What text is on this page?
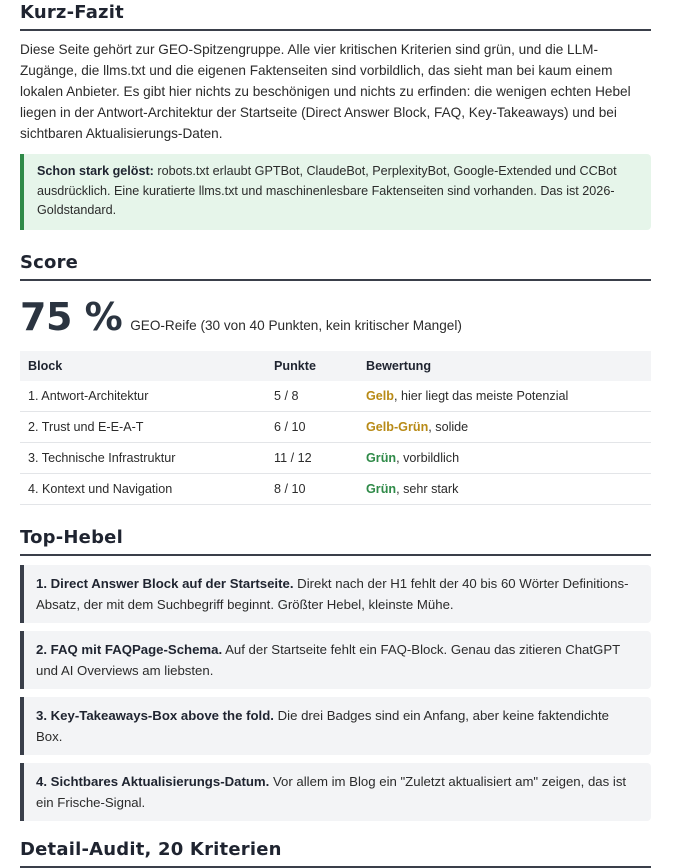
Kurz-Fazit

Diese Seite gehört zur GEO-Spitzengruppe. Alle vier kritischen Kriterien sind grün, und die LLM-Zugänge, die llms.txt und die eigenen Faktenseiten sind vorbildlich, das sieht man bei kaum einem lokalen Anbieter. Es gibt hier nichts zu beschönigen und nichts zu erfinden: die wenigen echten Hebel liegen in der Antwort-Architektur der Startseite (Direct Answer Block, FAQ, Key-Takeaways) und bei sichtbaren Aktualisierungs-Daten.

Schon stark gelöst: robots.txt erlaubt GPTBot, ClaudeBot, PerplexityBot, Google-Extended und CCBot ausdrücklich. Eine kuratierte llms.txt und maschinenlesbare Faktenseiten sind vorhanden. Das ist 2026-Goldstandard.
Score
75 % GEO-Reife (30 von 40 Punkten, kein kritischer Mangel)
Block	Punkte	Bewertung
1. Antwort-Architektur	5 / 8	Gelb, hier liegt das meiste Potenzial
2. Trust und E-E-A-T	6 / 10	Gelb-Grün, solide
3. Technische Infrastruktur	11 / 12	Grün, vorbildlich
4. Kontext und Navigation	8 / 10	Grün, sehr stark
Top-Hebel
1. Direct Answer Block auf der Startseite. Direkt nach der H1 fehlt der 40 bis 60 Wörter Definitions-Absatz, der mit dem Suchbegriff beginnt. Größter Hebel, kleinste Mühe.
2. FAQ mit FAQPage-Schema. Auf der Startseite fehlt ein FAQ-Block. Genau das zitieren ChatGPT und AI Overviews am liebsten.
3. Key-Takeaways-Box above the fold. Die drei Badges sind ein Anfang, aber keine faktendichte Box.
4. Sichtbares Aktualisierungs-Datum. Vor allem im Blog ein "Zuletzt aktualisiert am" zeigen, das ist ein Frische-Signal.
Detail-Audit, 20 Kriterien
